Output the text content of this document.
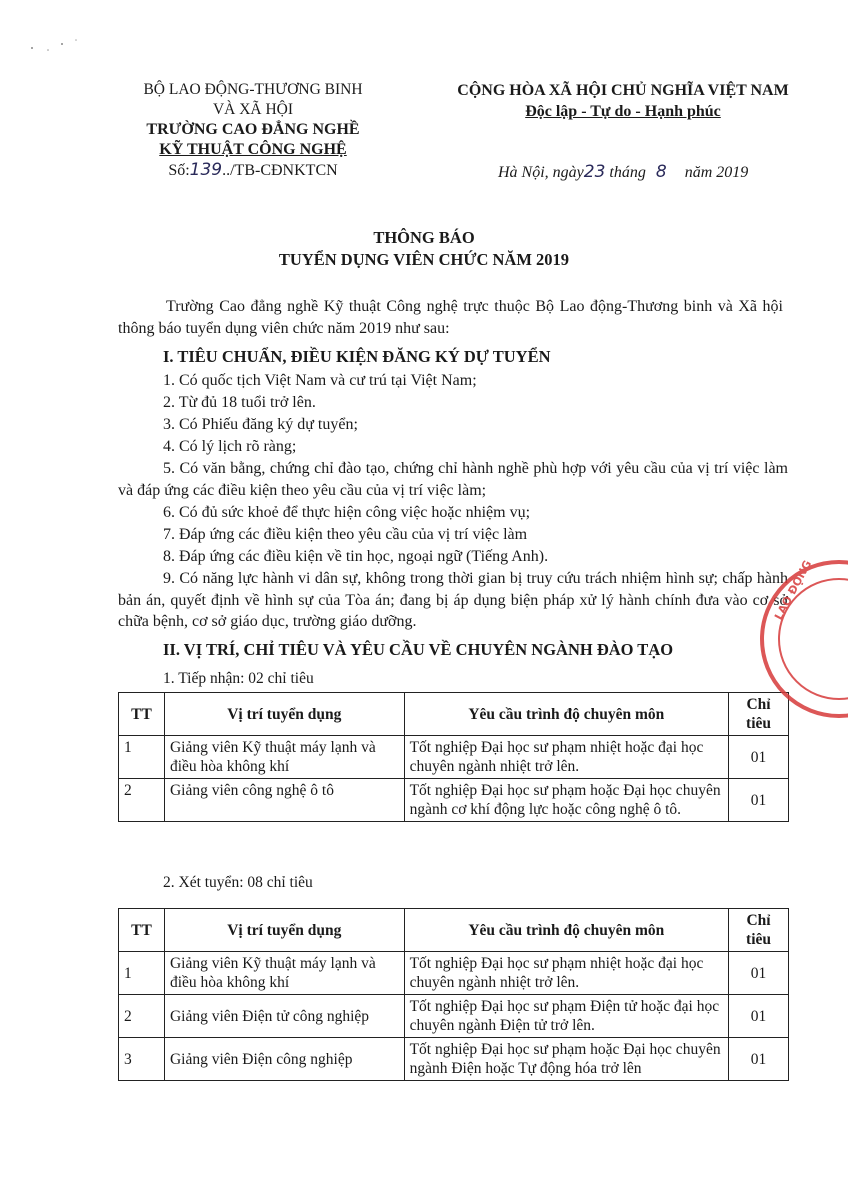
BỘ LAO ĐỘNG-THƯƠNG BINH
VÀ XÃ HỘI
TRƯỜNG CAO ĐẲNG NGHỀ
KỸ THUẬT CÔNG NGHỆ
Số:139../TB-CĐNKTCN
CỘNG HÒA XÃ HỘI CHỦ NGHĨA VIỆT NAM
Độc lập - Tự do - Hạnh phúc
Hà Nội, ngày23 tháng 8 năm 2019
THÔNG BÁO
TUYỂN DỤNG VIÊN CHỨC NĂM 2019
Trường Cao đẳng nghề Kỹ thuật Công nghệ trực thuộc Bộ Lao động-Thương binh và Xã hội thông báo tuyển dụng viên chức năm 2019 như sau:
I. TIÊU CHUẨN, ĐIỀU KIỆN ĐĂNG KÝ DỰ TUYỂN
1. Có quốc tịch Việt Nam và cư trú tại Việt Nam;
2. Từ đủ 18 tuổi trở lên.
3. Có Phiếu đăng ký dự tuyển;
4. Có lý lịch rõ ràng;
5. Có văn bằng, chứng chỉ đào tạo, chứng chỉ hành nghề phù hợp với yêu cầu của vị trí việc làm và đáp ứng các điều kiện theo yêu cầu của vị trí việc làm;
6. Có đủ sức khoẻ để thực hiện công việc hoặc nhiệm vụ;
7. Đáp ứng các điều kiện theo yêu cầu của vị trí việc làm
8. Đáp ứng các điều kiện về tin học, ngoại ngữ (Tiếng Anh).
9. Có năng lực hành vi dân sự, không trong thời gian bị truy cứu trách nhiệm hình sự; chấp hành bản án, quyết định về hình sự của Tòa án; đang bị áp dụng biện pháp xử lý hành chính đưa vào cơ sở chữa bệnh, cơ sở giáo dục, trường giáo dưỡng.
II. VỊ TRÍ, CHỈ TIÊU VÀ YÊU CẦU VỀ CHUYÊN NGÀNH ĐÀO TẠO
1. Tiếp nhận: 02 chỉ tiêu
TT	Vị trí tuyển dụng	Yêu cầu trình độ chuyên môn	Chỉ tiêu
1	Giảng viên Kỹ thuật máy lạnh và điều hòa không khí	Tốt nghiệp Đại học sư phạm nhiệt hoặc đại học chuyên ngành nhiệt trở lên.	01
2	Giảng viên công nghệ ô tô	Tốt nghiệp Đại học sư phạm hoặc Đại học chuyên ngành cơ khí động lực hoặc công nghệ ô tô.	01
2. Xét tuyển: 08 chỉ tiêu
TT	Vị trí tuyển dụng	Yêu cầu trình độ chuyên môn	Chỉ tiêu
1	Giảng viên Kỹ thuật máy lạnh và điều hòa không khí	Tốt nghiệp Đại học sư phạm nhiệt hoặc đại học chuyên ngành nhiệt trở lên.	01
2	Giảng viên Điện tử công nghiệp	Tốt nghiệp Đại học sư phạm Điện tử hoặc đại học chuyên ngành Điện tử trở lên.	01
3	Giảng viên Điện công nghiệp	Tốt nghiệp Đại học sư phạm hoặc Đại học chuyên ngành Điện hoặc Tự động hóa trở lên	01
LAO ĐỘNG
